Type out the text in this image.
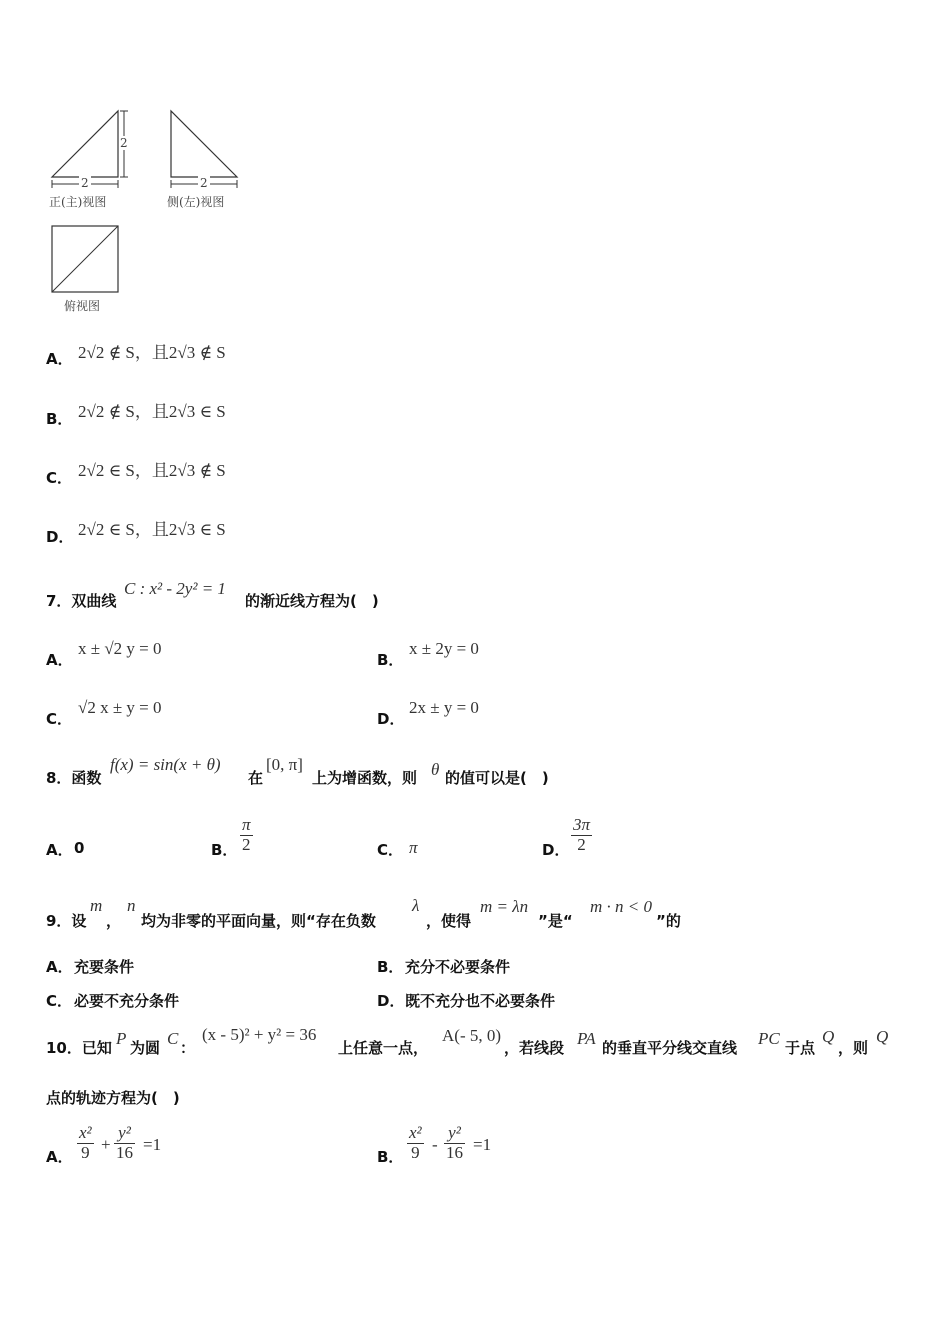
2
2	2
正(主)视图	侧(左)视图
俯视图
A． 2√2 ∉ S，且2√3 ∉ S
B． 2√2 ∉ S，且2√3 ∈ S
C． 2√2 ∈ S，且2√3 ∉ S
D． 2√2 ∈ S，且2√3 ∈ S
7．双曲线
C : x² - 2y² = 1
的渐近线方程为(　)
A．
x ± √2 y = 0
B．
x ± 2y = 0
C．
√2 x ± y = 0
D．
2x ± y = 0
8．函数
f(x) = sin(x + θ)
在
[0, π]
上为增函数，则 θ 的值可以是(　)
A． 0	B． $\frac{\pi}{2}$	C． π	D． $\frac{3\pi}{2}$
9．设
m
，
n
均为非零的平面向量，则“存在负数
λ
，使得
m = λn
”是“
m · n < 0
”的
A． 充要条件	B． 充分不必要条件
C． 必要不充分条件	D． 既不充分也不必要条件
10．已知 P 为圆 C ：
(x - 5)² + y² = 36
上任意一点，
A(- 5, 0)
，若线段 PA 的垂直平分线交直线 PC 于点
Q
，则
Q
点的轨迹方程为(　)
A． $\frac{\text{x²}}{9} + \frac{\text{y²}}{16} =1$
B． $\frac{\text{x²}}{9} - \frac{\text{y²}}{16} =1$
